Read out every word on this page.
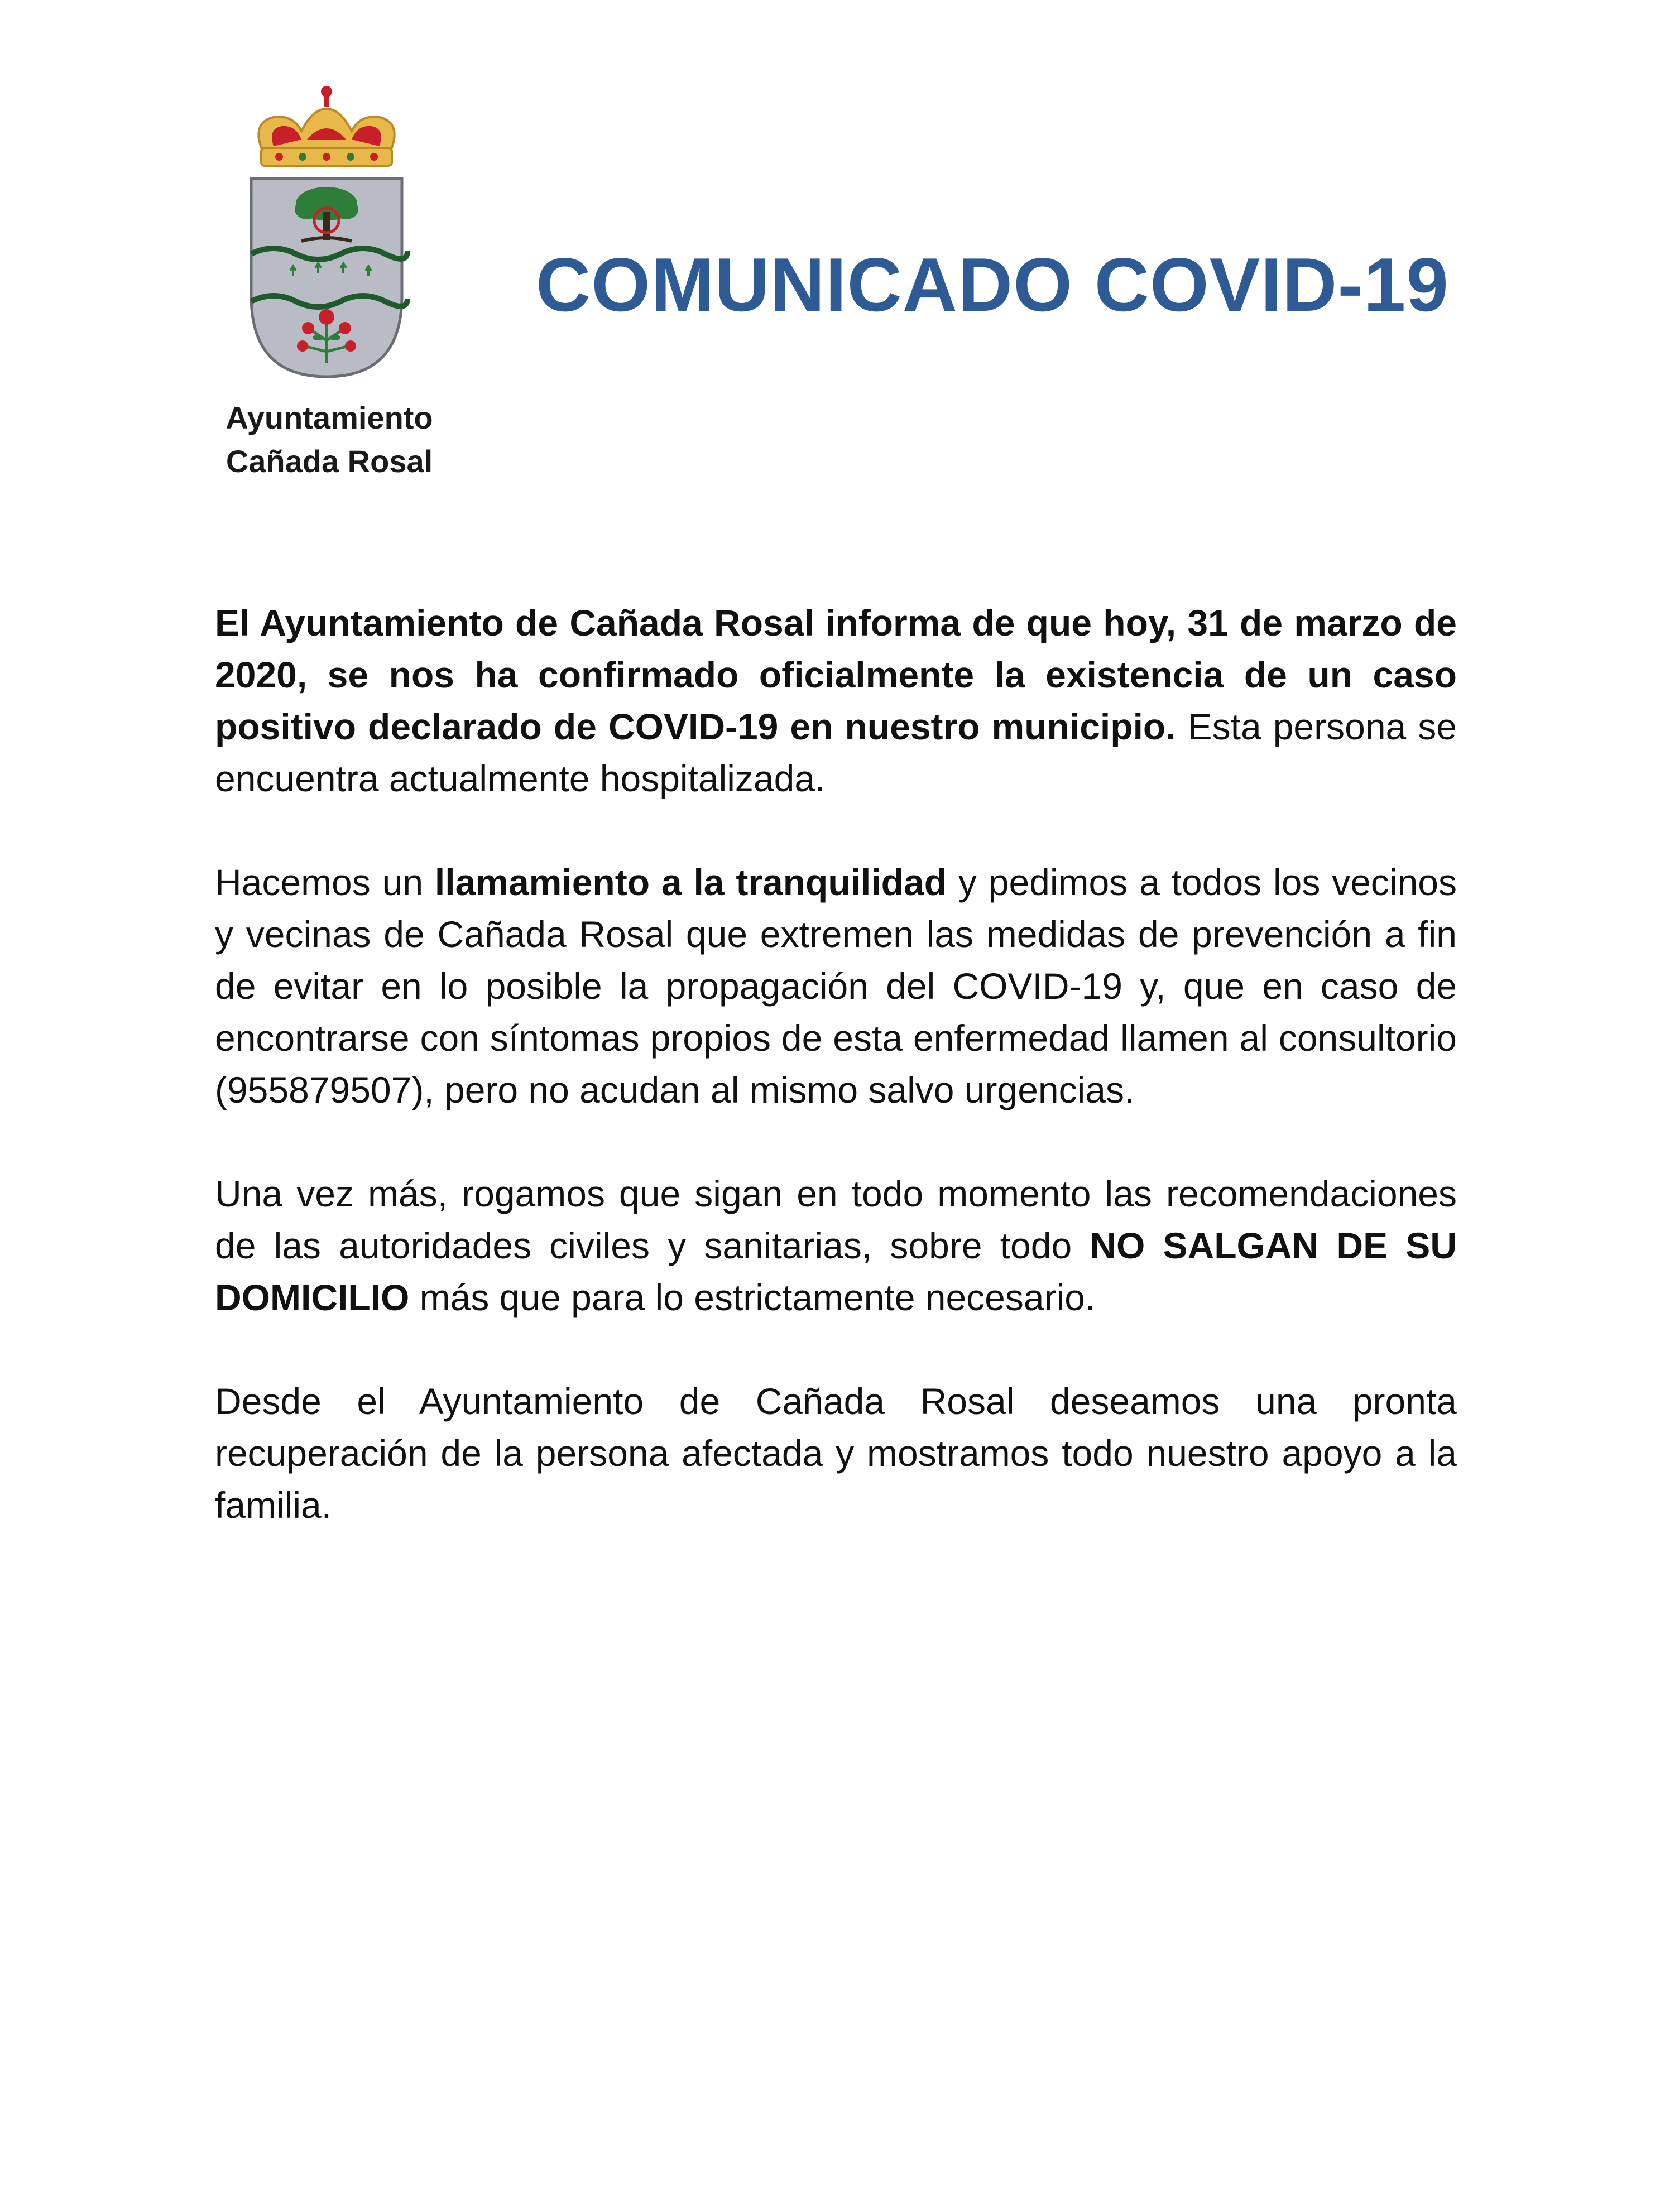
Ayuntamiento
Cañada Rosal
COMUNICADO COVID-19

El Ayuntamiento de Cañada Rosal informa de que hoy, 31 de marzo de 2020, se nos ha confirmado oficialmente la existencia de un caso positivo declarado de COVID-19 en nuestro municipio. Esta persona se encuentra actualmente hospitalizada.

Hacemos un llamamiento a la tranquilidad y pedimos a todos los vecinos y vecinas de Cañada Rosal que extremen las medidas de prevención a fin de evitar en lo posible la propagación del COVID-19 y, que en caso de encontrarse con síntomas propios de esta enfermedad llamen al consultorio (955879507), pero no acudan al mismo salvo urgencias.

Una vez más, rogamos que sigan en todo momento las recomendaciones de las autoridades civiles y sanitarias, sobre todo NO SALGAN DE SU DOMICILIO más que para lo estrictamente necesario.

Desde el Ayuntamiento de Cañada Rosal deseamos una pronta recuperación de la persona afectada y mostramos todo nuestro apoyo a la familia.
